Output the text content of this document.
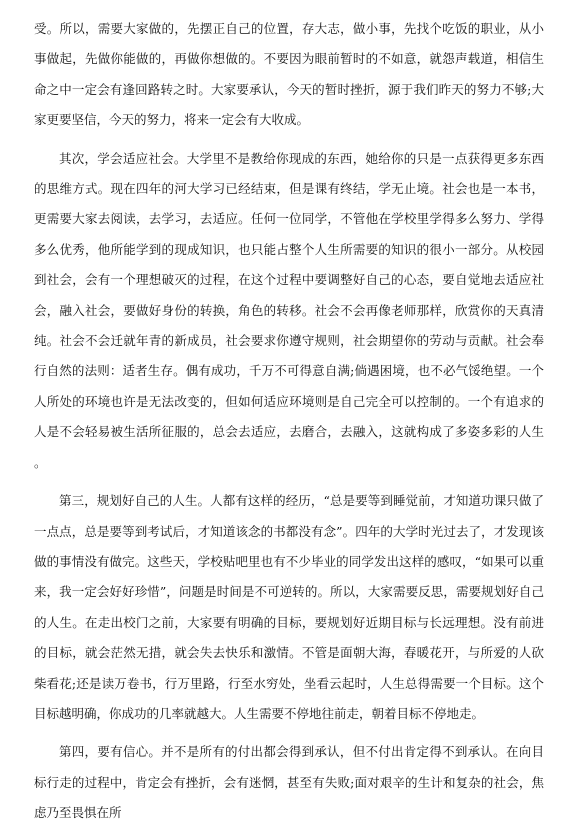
受。所以，需要大家做的，先摆正自己的位置，存大志，做小事，先找个吃饭的职业，从小事做起，先做你能做的，再做你想做的。不要因为眼前暂时的不如意，就怨声载道，相信生命之中一定会有逢回路转之时。大家要承认，今天的暂时挫折，源于我们昨天的努力不够;大家更要坚信，今天的努力，将来一定会有大收成。

其次，学会适应社会。大学里不是教给你现成的东西，她给你的只是一点获得更多东西的思维方式。现在四年的河大学习已经结束，但是课有终结，学无止境。社会也是一本书，更需要大家去阅读，去学习，去适应。任何一位同学，不管他在学校里学得多么努力、学得多么优秀，他所能学到的现成知识，也只能占整个人生所需要的知识的很小一部分。从校园到社会，会有一个理想破灭的过程，在这个过程中要调整好自己的心态，要自觉地去适应社会，融入社会，要做好身份的转换，角色的转移。社会不会再像老师那样，欣赏你的天真清纯。社会不会迁就年青的新成员，社会要求你遵守规则，社会期望你的劳动与贡献。社会奉行自然的法则：适者生存。偶有成功，千万不可得意自满;倘遇困境，也不必气馁绝望。一个人所处的环境也许是无法改变的，但如何适应环境则是自己完全可以控制的。一个有追求的人是不会轻易被生活所征服的，总会去适应，去磨合，去融入，这就构成了多姿多彩的人生。

第三，规划好自己的人生。人都有这样的经历，“总是要等到睡觉前，才知道功课只做了一点点，总是要等到考试后，才知道该念的书都没有念”。四年的大学时光过去了，才发现该做的事情没有做完。这些天，学校贴吧里也有不少毕业的同学发出这样的感叹，“如果可以重来，我一定会好好珍惜”，问题是时间是不可逆转的。所以，大家需要反思，需要规划好自己的人生。在走出校门之前，大家要有明确的目标，要规划好近期目标与长远理想。没有前进的目标，就会茫然无措，就会失去快乐和激情。不管是面朝大海，春暖花开，与所爱的人砍柴看花;还是读万卷书，行万里路，行至水穷处，坐看云起时，人生总得需要一个目标。这个目标越明确，你成功的几率就越大。人生需要不停地往前走，朝着目标不停地走。

第四，要有信心。并不是所有的付出都会得到承认，但不付出肯定得不到承认。在向目标行走的过程中，肯定会有挫折，会有迷惘，甚至有失败;面对艰辛的生计和复杂的社会，焦虑乃至畏惧在所
